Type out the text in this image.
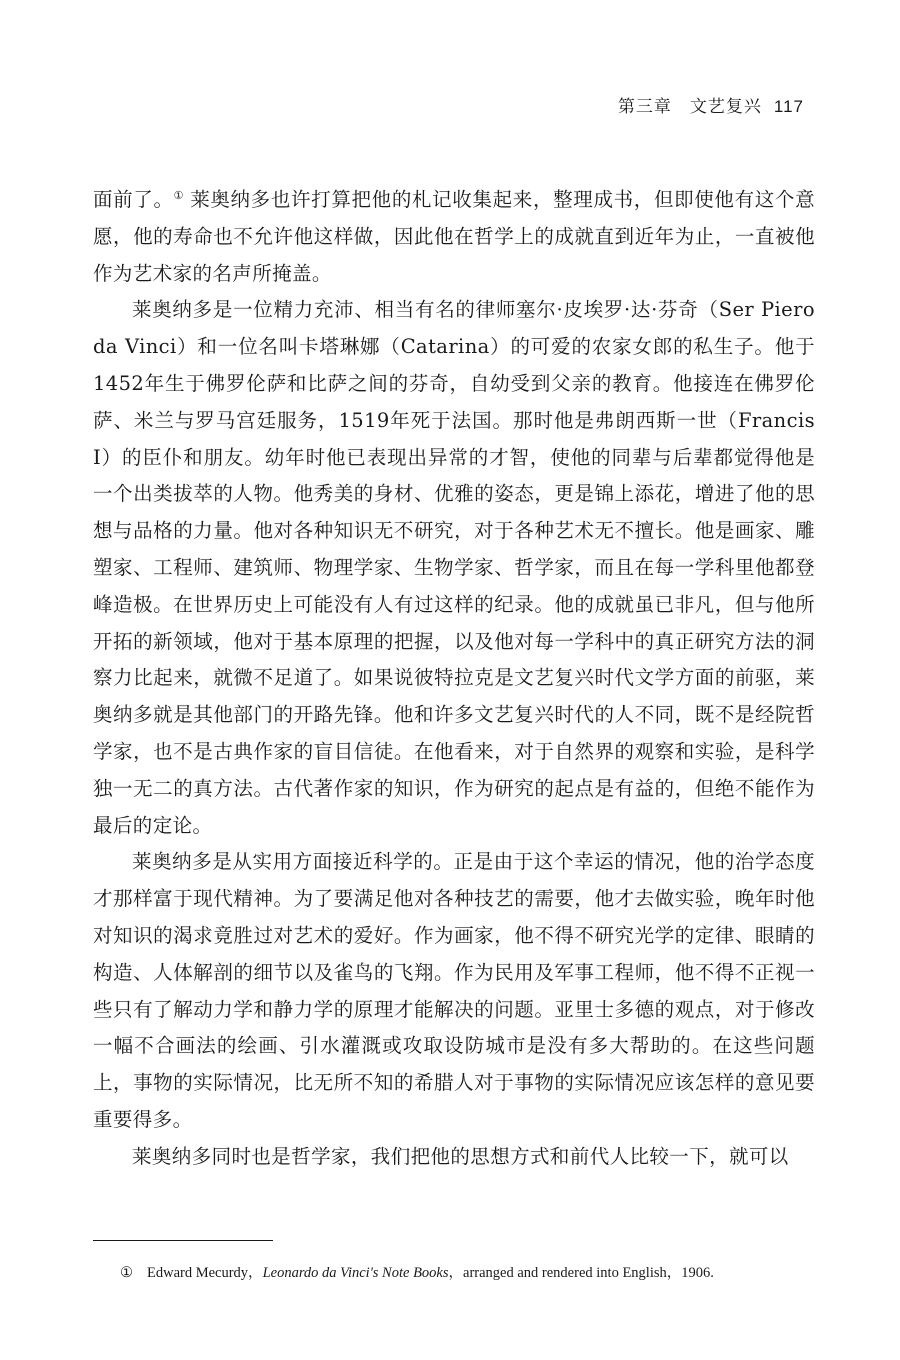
第三章 文艺复兴 117

面前了。① 莱奥纳多也许打算把他的札记收集起来，整理成书，但即使他有这个意愿，他的寿命也不允许他这样做，因此他在哲学上的成就直到近年为止，一直被他作为艺术家的名声所掩盖。

莱奥纳多是一位精力充沛、相当有名的律师塞尔·皮埃罗·达·芬奇（Ser Piero da Vinci）和一位名叫卡塔琳娜（Catarina）的可爱的农家女郎的私生子。他于1452年生于佛罗伦萨和比萨之间的芬奇，自幼受到父亲的教育。他接连在佛罗伦萨、米兰与罗马宫廷服务，1519年死于法国。那时他是弗朗西斯一世（Francis I）的臣仆和朋友。幼年时他已表现出异常的才智，使他的同辈与后辈都觉得他是一个出类拔萃的人物。他秀美的身材、优雅的姿态，更是锦上添花，增进了他的思想与品格的力量。他对各种知识无不研究，对于各种艺术无不擅长。他是画家、雕塑家、工程师、建筑师、物理学家、生物学家、哲学家，而且在每一学科里他都登峰造极。在世界历史上可能没有人有过这样的纪录。他的成就虽已非凡，但与他所开拓的新领域，他对于基本原理的把握，以及他对每一学科中的真正研究方法的洞察力比起来，就微不足道了。如果说彼特拉克是文艺复兴时代文学方面的前驱，莱奥纳多就是其他部门的开路先锋。他和许多文艺复兴时代的人不同，既不是经院哲学家，也不是古典作家的盲目信徒。在他看来，对于自然界的观察和实验，是科学独一无二的真方法。古代著作家的知识，作为研究的起点是有益的，但绝不能作为最后的定论。

莱奥纳多是从实用方面接近科学的。正是由于这个幸运的情况，他的治学态度才那样富于现代精神。为了要满足他对各种技艺的需要，他才去做实验，晚年时他对知识的渴求竟胜过对艺术的爱好。作为画家，他不得不研究光学的定律、眼睛的构造、人体解剖的细节以及雀鸟的飞翔。作为民用及军事工程师，他不得不正视一些只有了解动力学和静力学的原理才能解决的问题。亚里士多德的观点，对于修改一幅不合画法的绘画、引水灌溉或攻取设防城市是没有多大帮助的。在这些问题上，事物的实际情况，比无所不知的希腊人对于事物的实际情况应该怎样的意见要重要得多。

莱奥纳多同时也是哲学家，我们把他的思想方式和前代人比较一下，就可以

① Edward Mecurdy，Leonardo da Vinci's Note Books，arranged and rendered into English，1906.
